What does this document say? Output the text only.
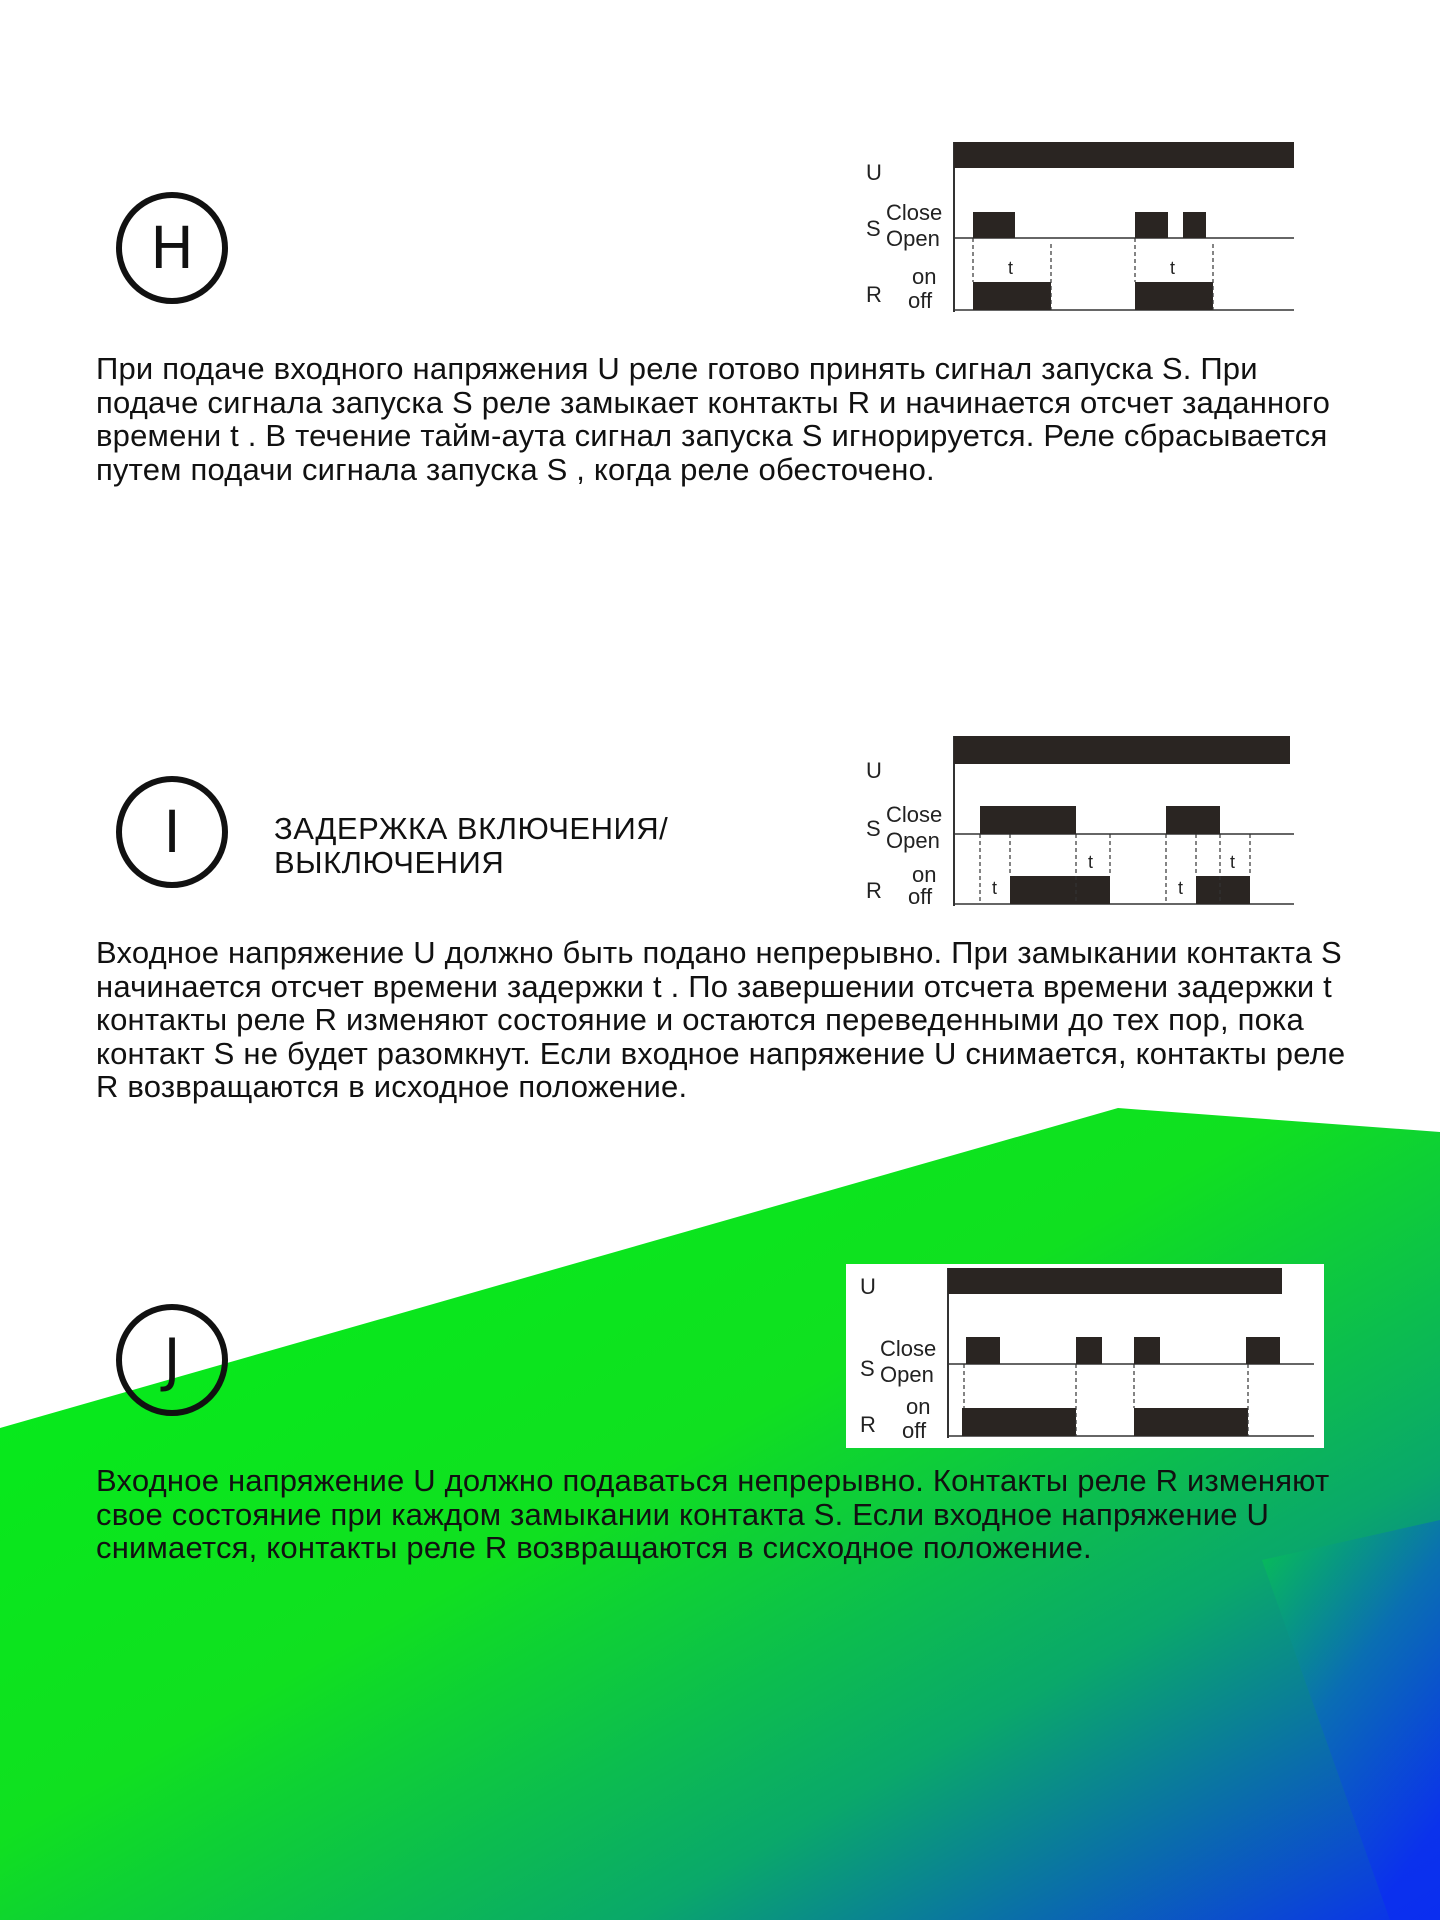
H
U
S
R
Close
Open
on
off
t	t
При подаче входного напряжения U реле готово принять сигнал запуска S. При подаче сигнала запуска S реле замыкает контакты R и начинается отсчет заданного времени t . В течение тайм-аута сигнал запуска S игнорируется. Реле сбрасывается путем подачи сигнала запуска S , когда реле обесточено.
I	ЗАДЕРЖКА ВКЛЮЧЕНИЯ/ ВЫКЛЮЧЕНИЯ
U
S
R
Close
Open
on
off	t
t
t
t
Входное напряжение U должно быть подано непрерывно. При замыкании контакта S начинается отсчет времени задержки t . По завершении отсчета времени задержки t контакты реле R изменяют состояние и остаются переведенными до тех пор, пока контакт S не будет разомкнут. Если входное напряжение U снимается, контакты реле R возвращаются в исходное положение.
J
U
S
R
Close
Open
on
off
Входное напряжение U должно подаваться непрерывно. Контакты реле R изменяют свое состояние при каждом замыкании контакта S. Если входное напряжение U снимается, контакты реле R возвращаются в сисходное положение.
